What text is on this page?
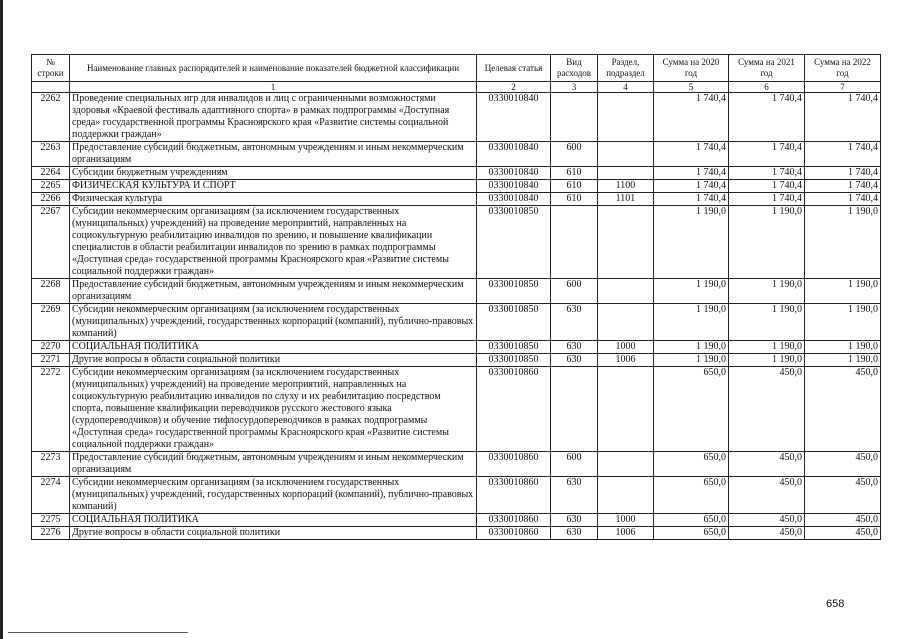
№ строки	Наименование главных распорядителей и наименование показателей бюджетной классификации	Целевая статья	Вид расходов	Раздел, подраздел	Сумма на 2020 год	Сумма на 2021 год	Сумма на 2022 год
	1	2	3	4	5	6	7
2262	Проведение специальных игр для инвалидов и лиц с ограниченными возможностями здоровья «Краевой фестиваль адаптивного спорта» в рамках подпрограммы «Доступная среда» государственной программы Красноярского края «Развитие системы социальной поддержки граждан»	0330010840			1 740,4	1 740,4	1 740,4
2263	Предоставление субсидий бюджетным, автономным учреждениям и иным некоммерческим организациям	0330010840	600		1 740,4	1 740,4	1 740,4
2264	Субсидии бюджетным учреждениям	0330010840	610		1 740,4	1 740,4	1 740,4
2265	ФИЗИЧЕСКАЯ КУЛЬТУРА И СПОРТ	0330010840	610	1100	1 740,4	1 740,4	1 740,4
2266	Физическая культура	0330010840	610	1101	1 740,4	1 740,4	1 740,4
2267	Субсидии некоммерческим организациям (за исключением государственных (муниципальных) учреждений) на проведение мероприятий, направленных на социокультурную реабилитацию инвалидов по зрению, и повышение квалификации специалистов в области реабилитации инвалидов по зрению в рамках подпрограммы «Доступная среда» государственной программы Красноярского края «Развитие системы социальной поддержки граждан»	0330010850			1 190,0	1 190,0	1 190,0
2268	Предоставление субсидий бюджетным, автономным учреждениям и иным некоммерческим организациям	0330010850	600		1 190,0	1 190,0	1 190,0
2269	Субсидии некоммерческим организациям (за исключением государственных (муниципальных) учреждений, государственных корпораций (компаний), публично-правовых компаний)	0330010850	630		1 190,0	1 190,0	1 190,0
2270	СОЦИАЛЬНАЯ ПОЛИТИКА	0330010850	630	1000	1 190,0	1 190,0	1 190,0
2271	Другие вопросы в области социальной политики	0330010850	630	1006	1 190,0	1 190,0	1 190,0
2272	Субсидии некоммерческим организациям (за исключением государственных (муниципальных) учреждений) на проведение мероприятий, направленных на социокультурную реабилитацию инвалидов по слуху и их реабилитацию посредством спорта, повышение квалификации переводчиков русского жестового языка (сурдопереводчиков) и обучение тифлосурдопереводчиков в рамках подпрограммы «Доступная среда» государственной программы Красноярского края «Развитие системы социальной поддержки граждан»	0330010860			650,0	450,0	450,0
2273	Предоставление субсидий бюджетным, автономным учреждениям и иным некоммерческим организациям	0330010860	600		650,0	450,0	450,0
2274	Субсидии некоммерческим организациям (за исключением государственных (муниципальных) учреждений, государственных корпораций (компаний), публично-правовых компаний)	0330010860	630		650,0	450,0	450,0
2275	СОЦИАЛЬНАЯ ПОЛИТИКА	0330010860	630	1000	650,0	450,0	450,0
2276	Другие вопросы в области социальной политики	0330010860	630	1006	650,0	450,0	450,0
658
